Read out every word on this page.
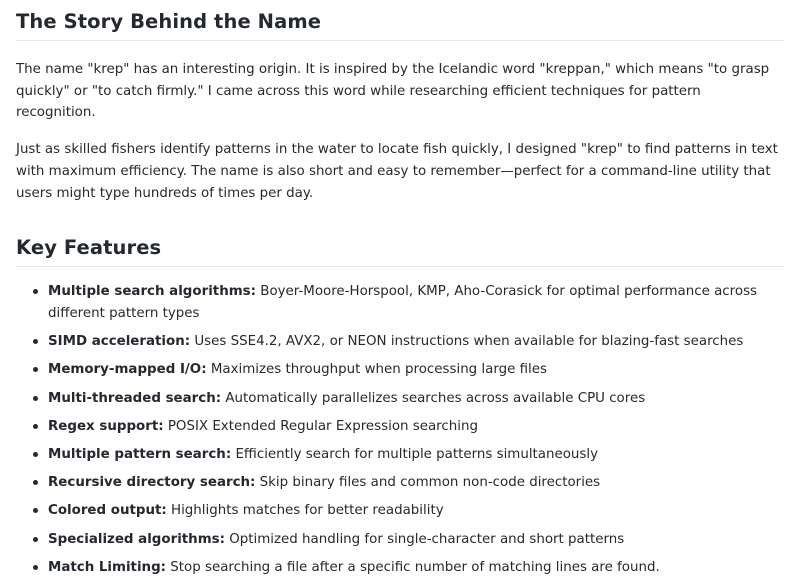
The Story Behind the Name

The name "krep" has an interesting origin. It is inspired by the Icelandic word "kreppan," which means "to grasp quickly" or "to catch firmly." I came across this word while researching efficient techniques for pattern recognition.

Just as skilled fishers identify patterns in the water to locate fish quickly, I designed "krep" to find patterns in text with maximum efficiency. The name is also short and easy to remember—perfect for a command-line utility that users might type hundreds of times per day.

Key Features
Multiple search algorithms: Boyer-Moore-Horspool, KMP, Aho-Corasick for optimal performance across different pattern types
SIMD acceleration: Uses SSE4.2, AVX2, or NEON instructions when available for blazing-fast searches
Memory-mapped I/O: Maximizes throughput when processing large files
Multi-threaded search: Automatically parallelizes searches across available CPU cores
Regex support: POSIX Extended Regular Expression searching
Multiple pattern search: Efficiently search for multiple patterns simultaneously
Recursive directory search: Skip binary files and common non-code directories
Colored output: Highlights matches for better readability
Specialized algorithms: Optimized handling for single-character and short patterns
Match Limiting: Stop searching a file after a specific number of matching lines are found.
